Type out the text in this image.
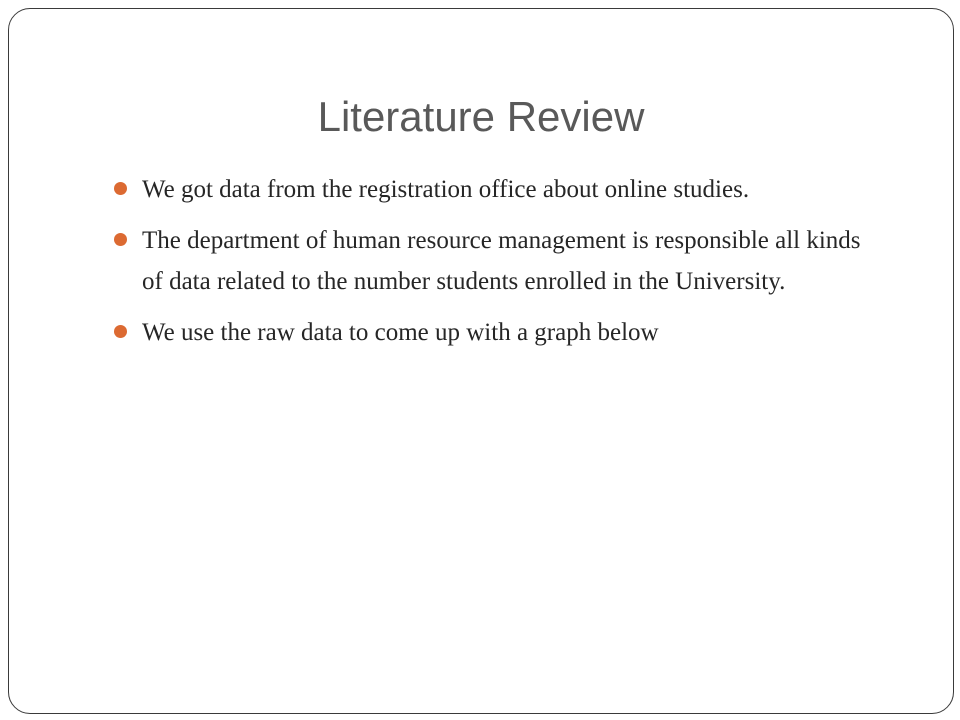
Literature Review
We got data from the registration office about online studies.
The department of human resource management is responsible all kinds of data related to the number students enrolled in the University.
We use the raw data to come up with a graph below
